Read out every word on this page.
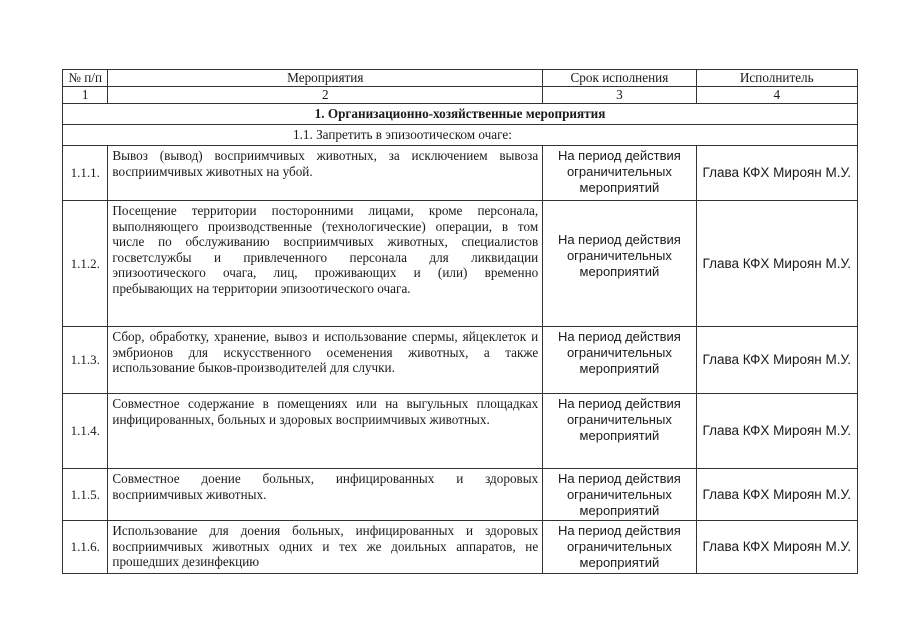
№ п/п	Мероприятия	Срок исполнения	Исполнитель
1	2	3	4
1. Организационно-хозяйственные мероприятия			
1.1. Запретить в эпизоотическом очаге:			
1.1.1.	Вывоз (вывод) восприимчивых животных, за исключением вывоза восприимчивых животных на убой.	На период действия ограничительных мероприятий	Глава КФХ Мироян М.У.
1.1.2.	Посещение территории посторонними лицами, кроме персонала, выполняющего производственные (технологические) операции, в том числе по обслуживанию восприимчивых животных, специалистов госветслужбы и привлеченного персонала для ликвидации эпизоотического очага, лиц, проживающих и (или) временно пребывающих на территории эпизоотического очага.	На период действия ограничительных мероприятий	Глава КФХ Мироян М.У.
1.1.3.	Сбор, обработку, хранение, вывоз и использование спермы, яйцеклеток и эмбрионов для искусственного осеменения животных, а также использование быков-производителей для случки.	На период действия ограничительных мероприятий	Глава КФХ Мироян М.У.
1.1.4.	Совместное содержание в помещениях или на выгульных площадках инфицированных, больных и здоровых восприимчивых животных.	На период действия ограничительных мероприятий	Глава КФХ Мироян М.У.
1.1.5.	Совместное доение больных, инфицированных и здоровых восприимчивых животных.	На период действия ограничительных мероприятий	Глава КФХ Мироян М.У.
1.1.6.	Использование для доения больных, инфицированных и здоровых восприимчивых животных одних и тех же доильных аппаратов, не прошедших дезинфекцию	На период действия ограничительных мероприятий	Глава КФХ Мироян М.У.
